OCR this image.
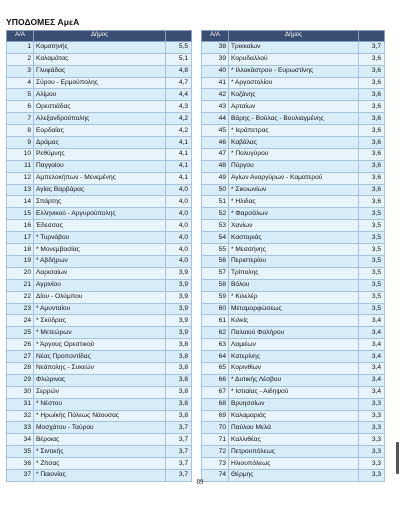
ΥΠΟΔΟΜΕΣ ΑμεΑ
Α/Α	Δήμος	
1	Κομοτηνής	5,5
2	Καλαμάτας	5,1
3	Γλυφάδας	4,8
4	Σύρου - Ερμούπολης	4,7
5	Αλίμου	4,4
6	Ορεστιάδας	4,3
7	Αλεξανδρούπολης	4,2
8	Εορδαίας	4,2
9	Δράμας	4,1
10	Ρεθύμνης	4,1
11	Παγγαίου	4,1
12	Αμπελοκήπων - Μενεμένης	4,1
13	Αγίας Βαρβάρας	4,0
14	Σπάρτης	4,0
15	Ελληνικού - Αργυρούπολης	4,0
16	Έδεσσας	4,0
17	* Τυρνάβου	4,0
18	* Μονεμβασίας	4,0
19	* Αβδήρων	4,0
20	Λαρισαίων	3,9
21	Αγρινίου	3,9
22	Δίου - Ολύμπου	3,9
23	* Αμυνταίου	3,9
24	* Σκύδρας	3,9
25	* Μετεώρων	3,9
26	* Άργους Ορεστικού	3,8
27	Νέας Προποντίδας	3,8
28	Νεάπολης - Συκεών	3,8
29	Φλώρινας	3,8
30	Σερρών	3,8
31	* Νέστου	3,8
32	* Ηρωϊκής Πόλεως Νάουσας	3,8
33	Μοσχάτου - Ταύρου	3,7
34	Βέροιας	3,7
35	* Σιντικής	3,7
36	* Ζίτσας	3,7
37	* Παιονίας	3,7
Α/Α	Δήμος	
38	Τρικκαίων	3,7
39	Κορυδαλλού	3,6
40	* Ιλλοκάστρου - Ευρωστίνης	3,6
41	* Αργοστολίου	3,6
42	Κοζάνης	3,6
43	Αρταίων	3,6
44	Βάρης - Βούλας - Βουλιαγμένης	3,6
45	* Ιεράπετρας	3,6
46	Καβάλας	3,6
47	* Πολυγύρου	3,6
48	Πύργου	3,6
49	Αγίων Αναργύρων - Καματερού	3,6
50	* Σικυωνίων	3,6
51	* Ηλιδας	3,6
52	* Φαρσάλων	3,5
53	Χανίων	3,5
54	Καστοριάς	3,5
55	* Μεσσήνης	3,5
56	Περιστερίου	3,5
57	Τρίπολης	3,5
58	Βόλου	3,5
59	* Κιλελέρ	3,5
60	Μεταμορφώσεως	3,5
61	Κιλκίς	3,4
62	Παλαιού Φαλήρου	3,4
63	Λαμιέων	3,4
64	Κατερίνης	3,4
65	Κορινθίων	3,4
66	* Δυτικής Λέσβου	3,4
67	* Ιστιαίας - Αιδηψού	3,4
68	Βρυησσίων	3,3
69	Καλαμαριάς	3,3
70	Παύλου Μελά	3,3
71	Καλλιθέας	3,3
72	Πετρουπόλεως	3,3
73	Ηλιουπόλεως	3,3
74	Θέρμης	3,3
89
